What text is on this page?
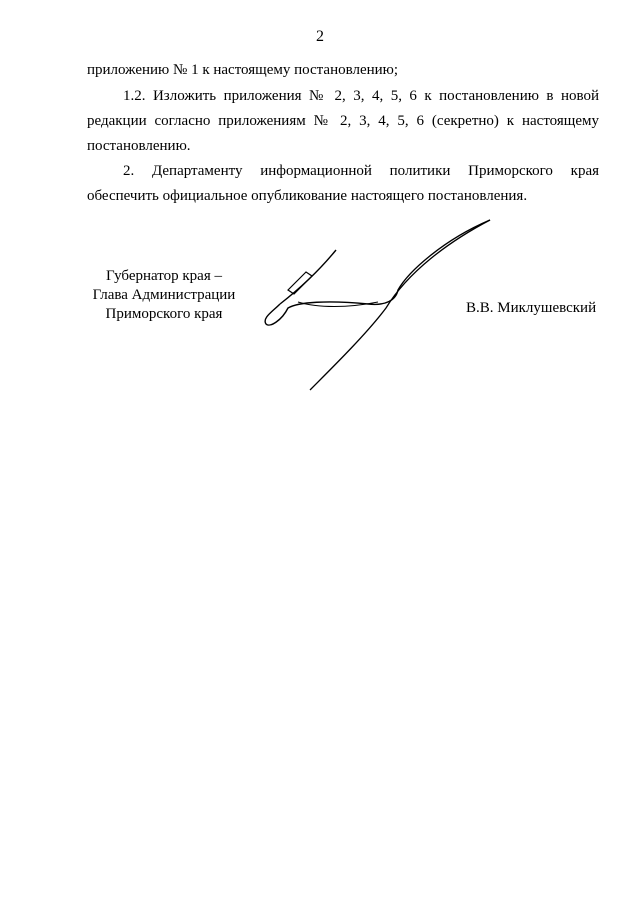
2
приложению № 1 к настоящему постановлению;
1.2. Изложить приложения № 2, 3, 4, 5, 6 к постановлению в новой
редакции согласно приложениям № 2, 3, 4, 5, 6 (секретно) к настоящему
постановлению.
2. Департаменту информационной политики Приморского края
обеспечить официальное опубликование настоящего постановления.
Губернатор края –
Глава Администрации
Приморского края	В.В. Миклушевский
